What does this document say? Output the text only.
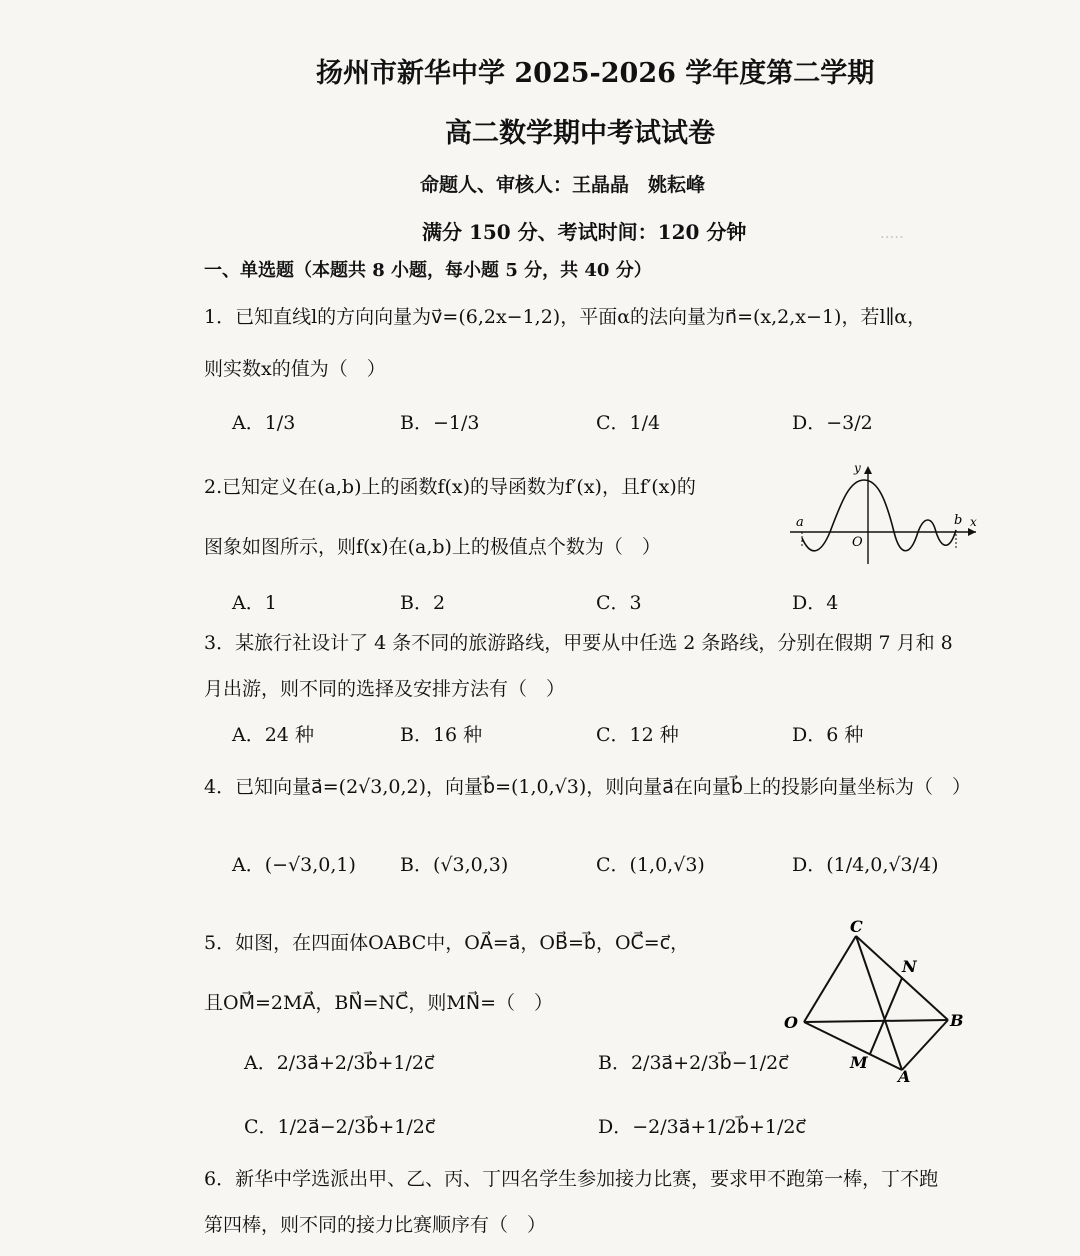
·····
扬州市新华中学 2025-2026 学年度第二学期
高二数学期中考试试卷
命题人、审核人：王晶晶　姚耘峰
满分 150 分、考试时间：120 分钟
一、单选题（本题共 8 小题，每小题 5 分，共 40 分）
1．已知直线l的方向向量为v⃗=(6,2x−1,2)，平面α的法向量为n⃗=(x,2,x−1)，若l∥α，
则实数x的值为（　）
A．1/3	B．−1/3	C．1/4	D．−3/2
2.已知定义在(a,b)上的函数f(x)的导函数为f′(x)，且f′(x)的
图象如图所示，则f(x)在(a,b)上的极值点个数为（　）
A．1	B．2	C．3	D．4
a	b x
y
O
3．某旅行社设计了 4 条不同的旅游路线，甲要从中任选 2 条路线，分别在假期 7 月和 8
月出游，则不同的选择及安排方法有（　）
A．24 种	B．16 种	C．12 种	D．6 种
4．已知向量a⃗=(2√3,0,2)，向量b⃗=(1,0,√3)，则向量a⃗在向量b⃗上的投影向量坐标为（　）
A．(−√3,0,1) B．(√3,0,3)	C．(1,0,√3)	D．(1/4,0,√3/4)
5．如图，在四面体OABC中，OA⃗=a⃗，OB⃗=b⃗，OC⃗=c⃗，
且OM⃗=2MA⃗，BN⃗=NC⃗，则MN⃗=（　）
A．2/3a⃗+2/3b⃗+1/2c⃗	B．2/3a⃗+2/3b⃗−1/2c⃗
C．1/2a⃗−2/3b⃗+1/2c⃗	D．−2/3a⃗+1/2b⃗+1/2c⃗
C
N
O	B
M
A
6．新华中学选派出甲、乙、丙、丁四名学生参加接力比赛，要求甲不跑第一棒，丁不跑
第四棒，则不同的接力比赛顺序有（　）
